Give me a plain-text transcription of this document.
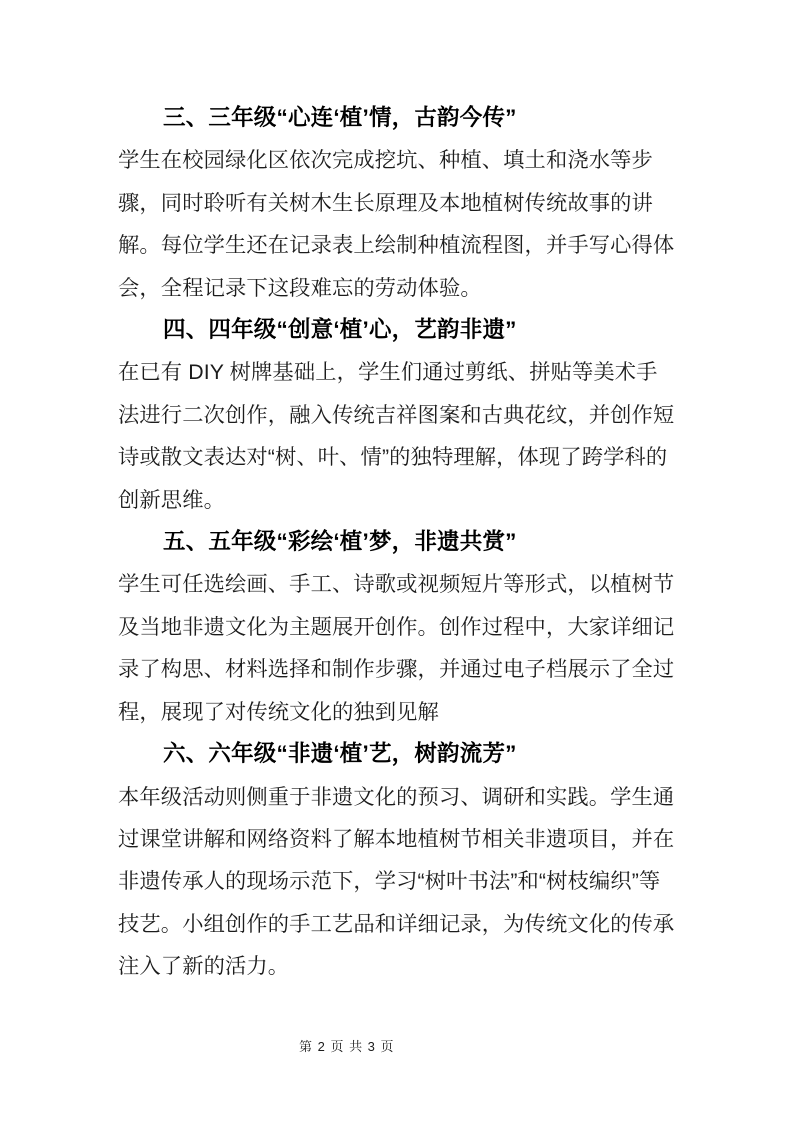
三、三年级“心连‘植’情，古韵今传”

学生在校园绿化区依次完成挖坑、种植、填土和浇水等步骤，同时聆听有关树木生长原理及本地植树传统故事的讲解。每位学生还在记录表上绘制种植流程图，并手写心得体会，全程记录下这段难忘的劳动体验。

四、四年级“创意‘植’心，艺韵非遗”

在已有 DIY 树牌基础上，学生们通过剪纸、拼贴等美术手法进行二次创作，融入传统吉祥图案和古典花纹，并创作短诗或散文表达对“树、叶、情”的独特理解，体现了跨学科的创新思维。

五、五年级“彩绘‘植’梦，非遗共赏”

学生可任选绘画、手工、诗歌或视频短片等形式，以植树节及当地非遗文化为主题展开创作。创作过程中，大家详细记录了构思、材料选择和制作步骤，并通过电子档展示了全过程，展现了对传统文化的独到见解

六、六年级“非遗‘植’艺，树韵流芳”

本年级活动则侧重于非遗文化的预习、调研和实践。学生通过课堂讲解和网络资料了解本地植树节相关非遗项目，并在非遗传承人的现场示范下，学习“树叶书法”和“树枝编织”等技艺。小组创作的手工艺品和详细记录，为传统文化的传承注入了新的活力。

第 2 页 共 3 页
